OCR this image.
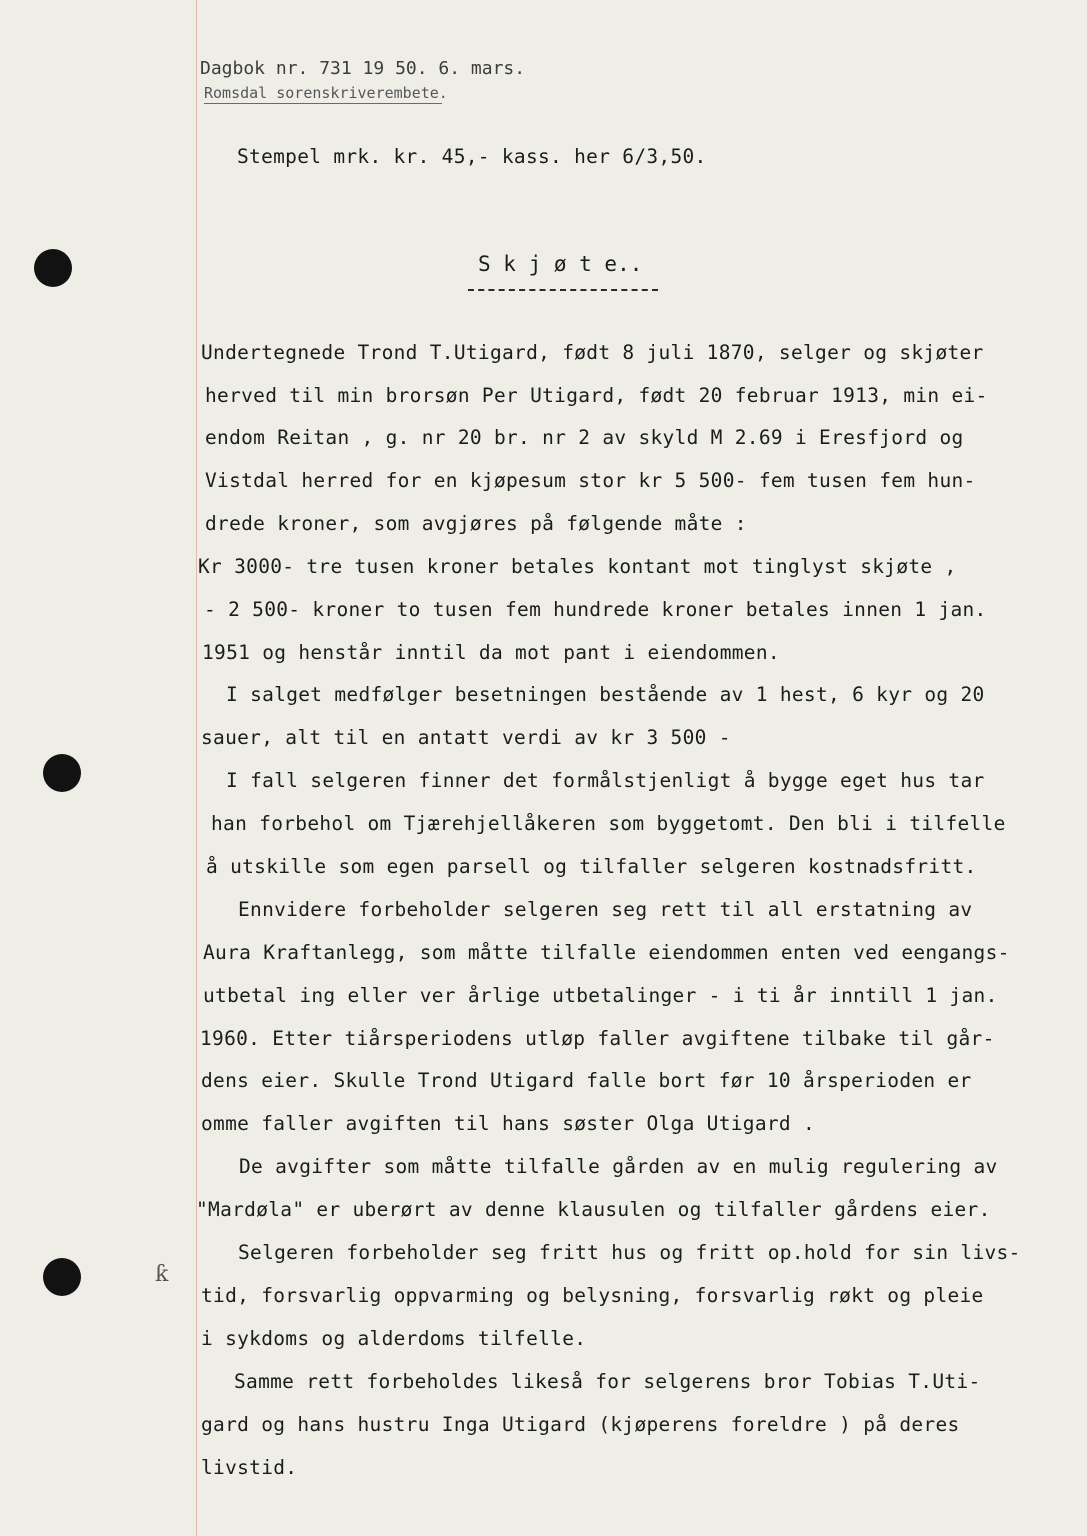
Dagbok nr. 731 19 50. 6. mars.
Romsdal sorenskriverembete.
Stempel mrk. kr. 45,- kass. her 6/3,50.
S k j ø t e..
Undertegnede Trond T.Utigard, født 8 juli 1870, selger og skjøter
herved til min brorsøn Per Utigard, født 20 februar 1913, min ei-
endom Reitan , g. nr 20 br. nr 2 av skyld M 2.69 i Eresfjord og
Vistdal herred for en kjøpesum stor kr 5 500- fem tusen fem hun-
drede kroner, som avgjøres på følgende måte :
Kr 3000- tre tusen kroner betales kontant mot tinglyst skjøte ,
- 2 500- kroner to tusen fem hundrede kroner betales innen 1 jan.
1951 og henstår inntil da mot pant i eiendommen.
I salget medfølger besetningen bestående av 1 hest, 6 kyr og 20
sauer, alt til en antatt verdi av kr 3 500 -
I fall selgeren finner det formålstjenligt å bygge eget hus tar
han forbehol om Tjærehjellåkeren som byggetomt. Den bli i tilfelle
å utskille som egen parsell og tilfaller selgeren kostnadsfritt.
Ennvidere forbeholder selgeren seg rett til all erstatning av
Aura Kraftanlegg, som måtte tilfalle eiendommen enten ved eengangs-
utbetal ing eller ver årlige utbetalinger - i ti år inntill 1 jan.
1960. Etter tiårsperiodens utløp faller avgiftene tilbake til går-
dens eier. Skulle Trond Utigard falle bort før 10 årsperioden er
omme faller avgiften til hans søster Olga Utigard .
De avgifter som måtte tilfalle gården av en mulig regulering av
"Mardøla" er uberørt av denne klausulen og tilfaller gårdens eier.
Selgeren forbeholder seg fritt hus og fritt op.hold for sin livs-
tid, forsvarlig oppvarming og belysning, forsvarlig røkt og pleie
i sykdoms og alderdoms tilfelle.
Samme rett forbeholdes likeså for selgerens bror Tobias T.Uti-
gard og hans hustru Inga Utigard (kjøperens foreldre ) på deres
livstid.
ƙ
